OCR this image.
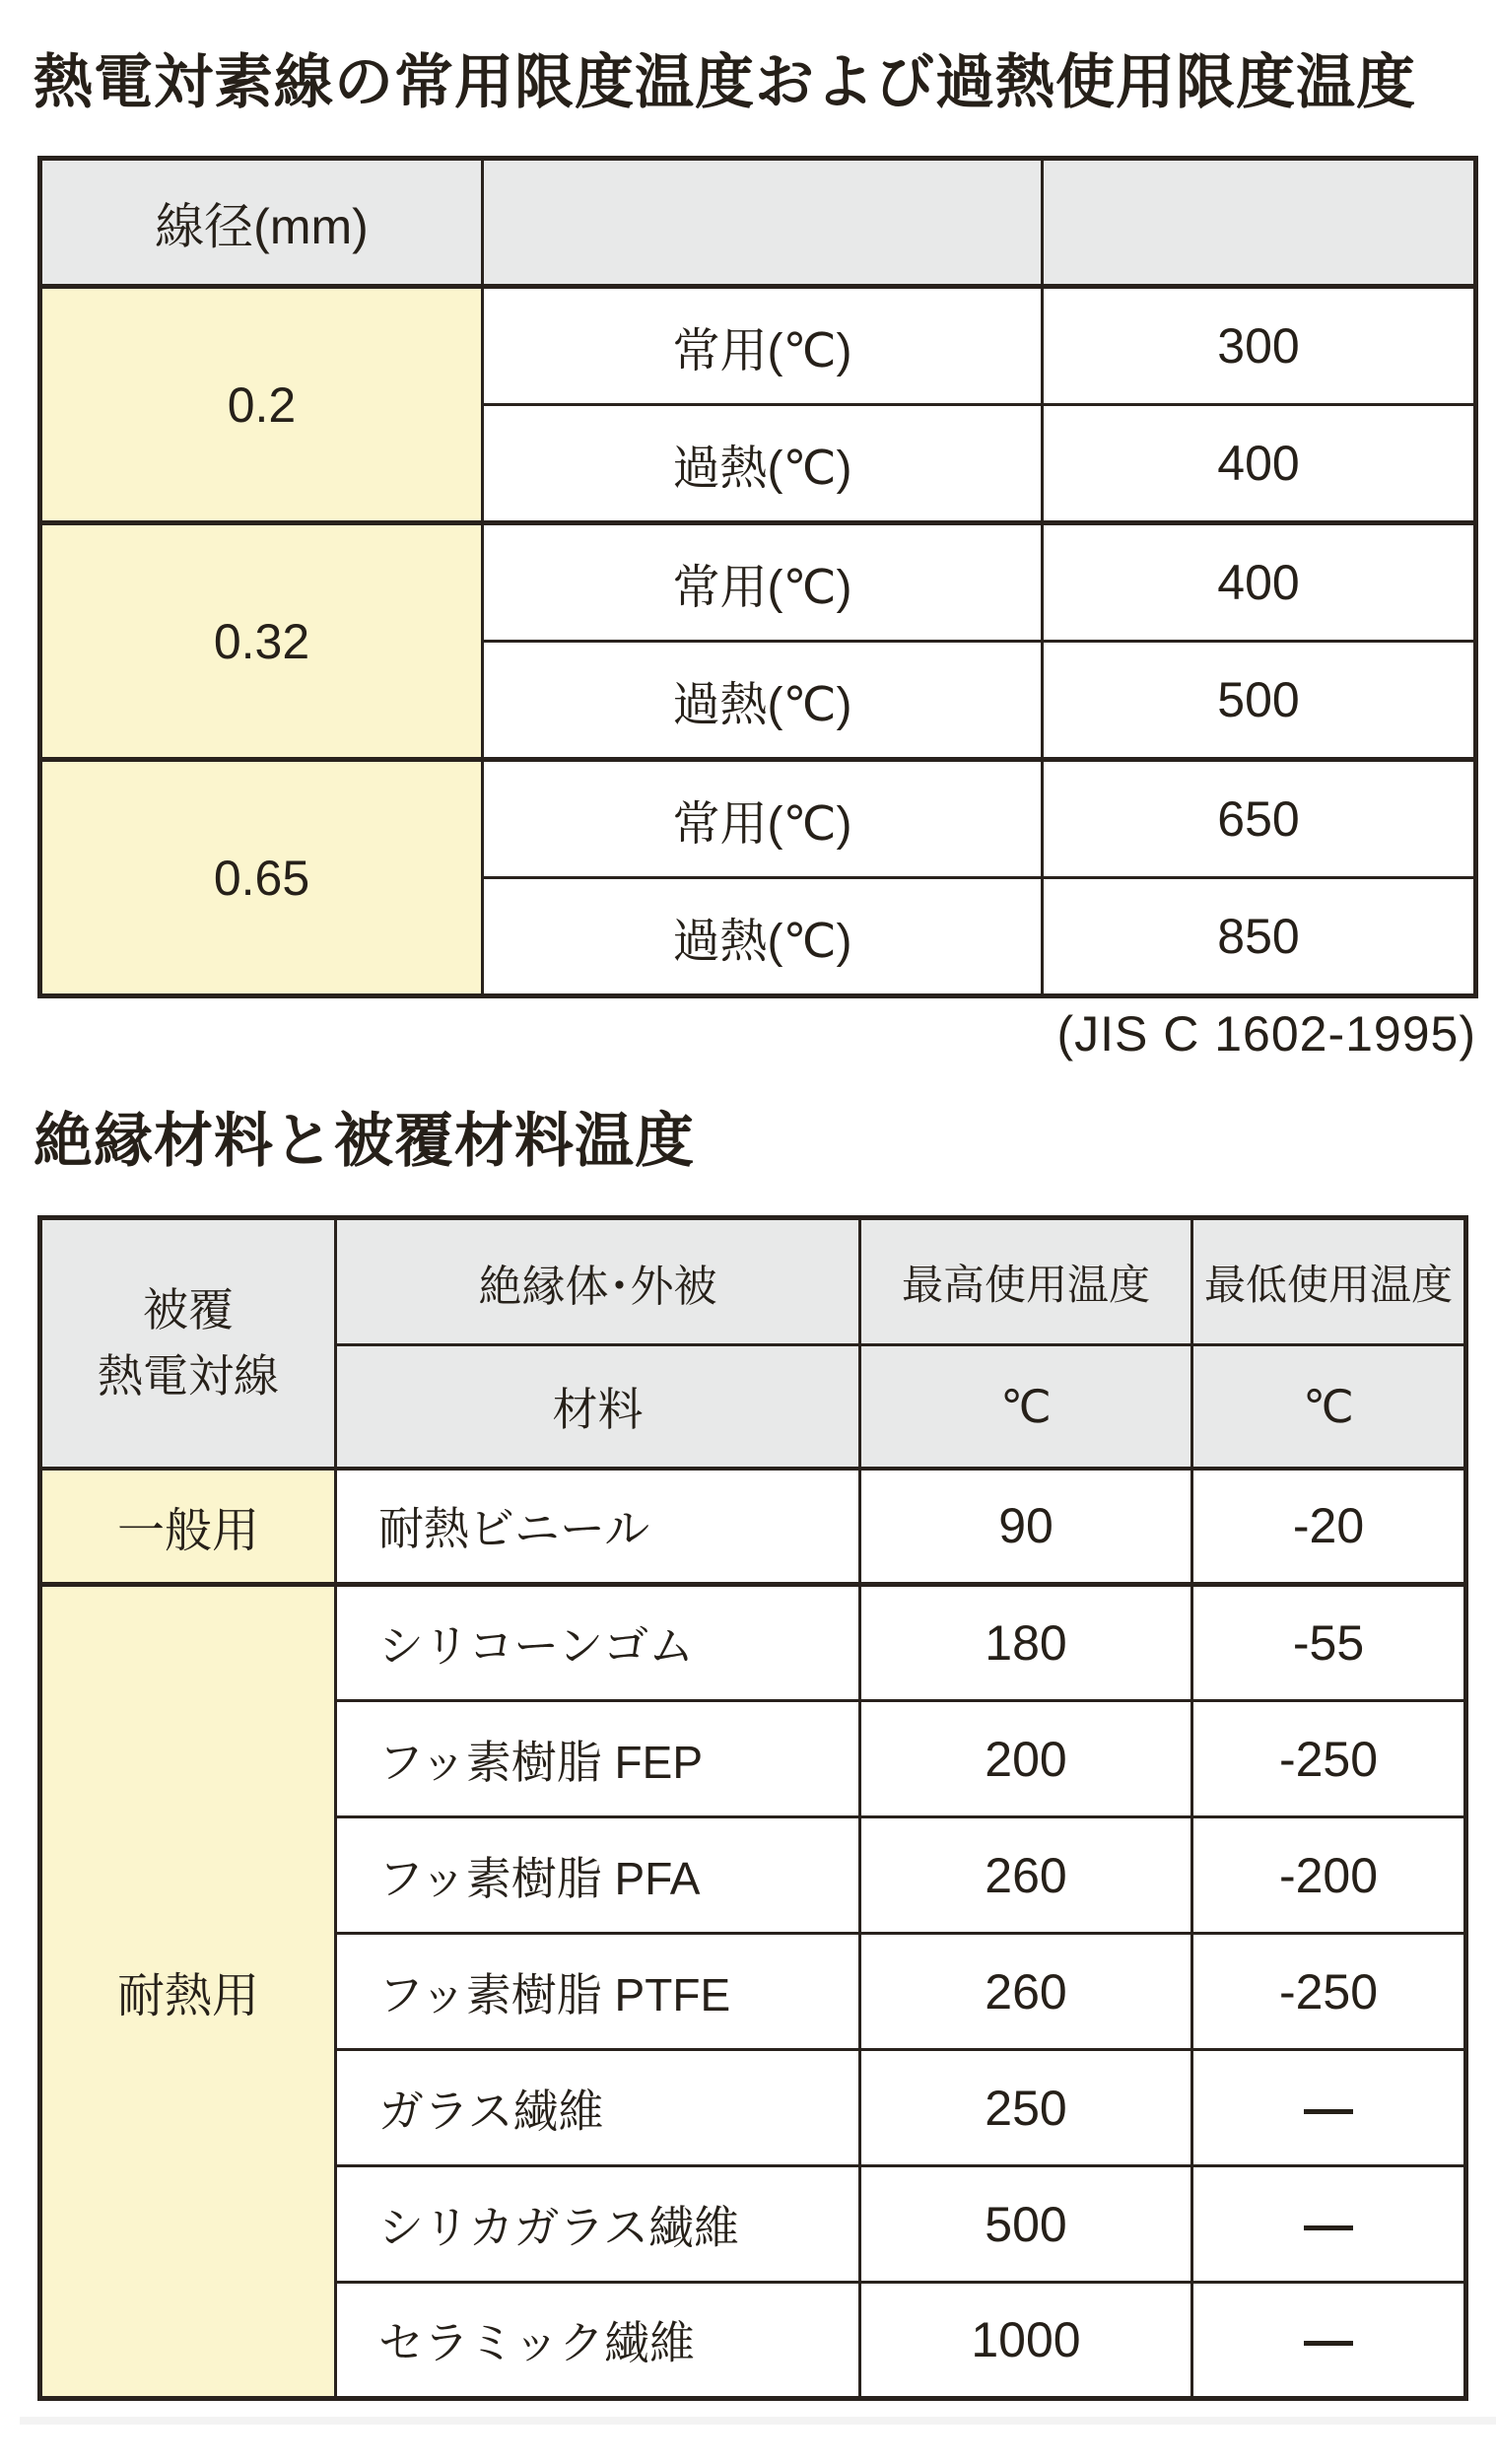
熱電対素線の常用限度温度および過熱使用限度温度
線径(mm)		
0.2	常用(℃)	300
	過熱(℃)	400
0.32	常用(℃)	400
	過熱(℃)	500
0.65	常用(℃)	650
	過熱(℃)	850
(JIS C 1602-1995)
絶縁材料と被覆材料温度
被覆
熱電対線	絶縁体･外被	最高使用温度	最低使用温度
	材料	℃	℃
一般用	耐熱ビニール	90	-20
耐熱用	シリコーンゴム	180	-55
	フッ素樹脂 FEP	200	-250
	フッ素樹脂 PFA	260	-200
	フッ素樹脂 PTFE	260	-250
	ガラス繊維	250	—
	シリカガラス繊維	500	—
	セラミック繊維	1000	—
